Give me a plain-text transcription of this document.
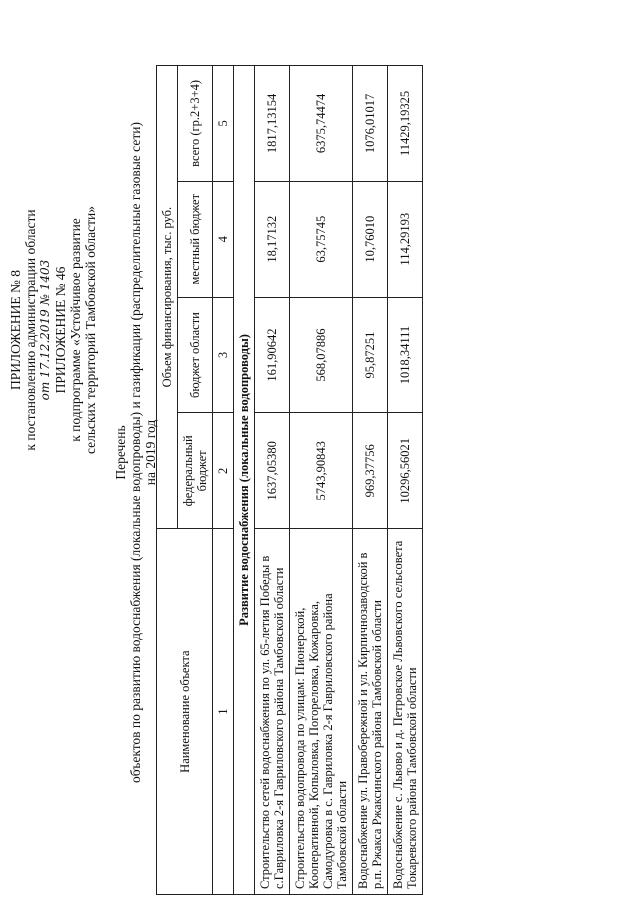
ПРИЛОЖЕНИЕ № 8 к постановлению администрации области от 17.12.2019 № 1403 ПРИЛОЖЕНИЕ № 46 к подпрограмме «Устойчивое развитие сельских территорий Тамбовской области» Перечень объектов по развитию водоснабжения (локальные водопроводы) и газификации (распределительные газовые сети) на 2019 год
Наименование объекта	Объем финансирования, тыс. руб.			
	федеральный бюджет	бюджет области	местный бюджет	всего (гр.2+3+4)
1	2	3	4	5
Развитие водоснабжения (локальные водопроводы)				
Строительство сетей водоснабжения по ул. 65-летия Победы в с.Гавриловка 2-я Гавриловского района Тамбовской области	1637,05380	161,90642	18,17132	1817,13154
Строительство водопровода по улицам: Пионерской, Кооперативной, Копыловка, Погореловка, Кожаровка, Самодуровка в с. Гавриловка 2-я Гавриловского района Тамбовской области	5743,90843	568,07886	63,75745	6375,74474
Водоснабжение ул. Правобережной и ул. Кирпичнозаводской в р.п. Ржакса Ржаксинского района Тамбовской области	969,37756	95,87251	10,76010	1076,01017
Водоснабжение с. Львово и д. Петровское Львовского сельсовета Токаревского района Тамбовской области	10296,56021	1018,34111	114,29193	11429,19325
